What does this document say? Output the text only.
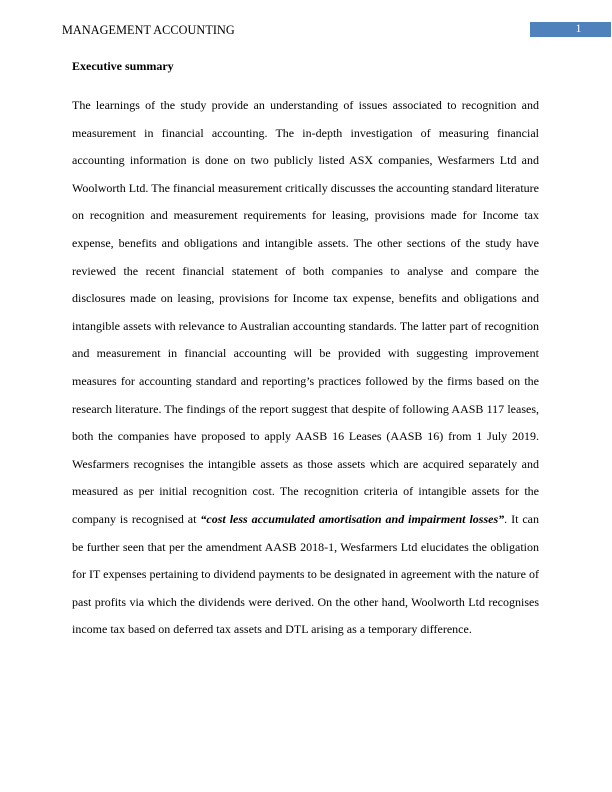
MANAGEMENT ACCOUNTING	1
Executive summary
The learnings of the study provide an understanding of issues associated to recognition and
measurement in financial accounting. The in-depth investigation of measuring financial
accounting information is done on two publicly listed ASX companies, Wesfarmers Ltd and
Woolworth Ltd. The financial measurement critically discusses the accounting standard literature
on recognition and measurement requirements for leasing, provisions made for Income tax
expense, benefits and obligations and intangible assets. The other sections of the study have
reviewed the recent financial statement of both companies to analyse and compare the
disclosures made on leasing, provisions for Income tax expense, benefits and obligations and
intangible assets with relevance to Australian accounting standards. The latter part of recognition
and measurement in financial accounting will be provided with suggesting improvement
measures for accounting standard and reporting’s practices followed by the firms based on the
research literature. The findings of the report suggest that despite of following AASB 117 leases,
both the companies have proposed to apply AASB 16 Leases (AASB 16) from 1 July 2019.
Wesfarmers recognises the intangible assets as those assets which are acquired separately and
measured as per initial recognition cost. The recognition criteria of intangible assets for the
company is recognised at “cost less accumulated amortisation and impairment losses”. It can
be further seen that per the amendment AASB 2018-1, Wesfarmers Ltd elucidates the obligation
for IT expenses pertaining to dividend payments to be designated in agreement with the nature of
past profits via which the dividends were derived. On the other hand, Woolworth Ltd recognises
income tax based on deferred tax assets and DTL arising as a temporary difference.
